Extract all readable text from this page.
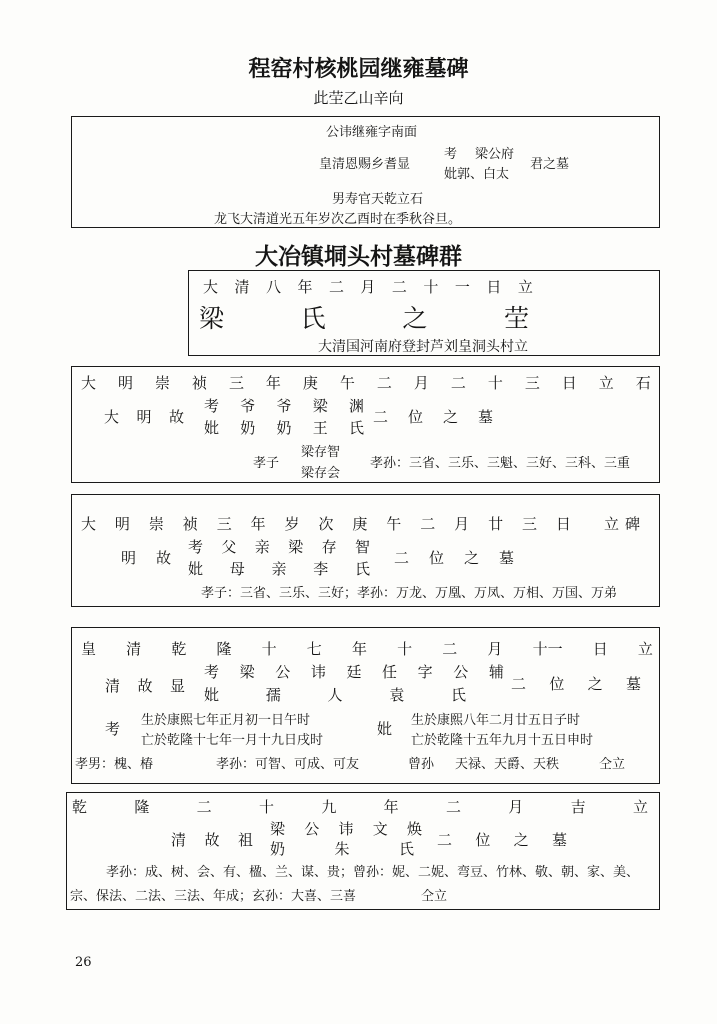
程窑村核桃园继雍墓碑
此茔乙山辛向
公讳继雍字南面
皇清恩赐乡耆显
考 梁公府
妣郭、白太
君之墓
男寿官天乾立石
龙飞大清道光五年岁次乙酉时在季秋谷旦。
大冶镇垌头村墓碑群
大 清 八 年 二 月 二 十 一 日 立
梁	氏	之	茔
大清国河南府登封芦刘皇洞头村立
大 明 崇 祯 三 年 庚 午 二 月 二 十 三 日 立 石
大 明 故
考 爷 爷 梁 渊
妣 奶 奶 王 氏
二 位 之 墓
孝子
梁存智
梁存会
孝孙：三省、三乐、三魁、三好、三科、三重
大 明 崇 祯 三 年 岁 次 庚 午 二 月 廿 三 日 立碑
明 故
考 父 亲 梁 存 智
妣 母 亲 李 氏
二 位 之 墓
孝子：三省、三乐、三好；孝孙：万龙、万凰、万凤、万相、万国、万弟
皇 清 乾 隆 十 七 年 十 二 月 十一 日 立
清 故 显
考 梁 公 讳 廷 任 字 公 辅
妣	孺	人	袁	氏
二 位 之 墓
考 生於康熙七年正月初一日午时
亡於乾隆十七年一月十九日戌时
妣 生於康熙八年二月廿五日子时
亡於乾隆十五年九月十五日申时
孝男：槐、椿	孝孙：可智、可成、可友	曾孙 天禄、天爵、天秩	仝立
乾	隆	二	十	九	年	二	月	吉	立
清 故 祖
梁 公 讳 文 焕
奶	朱	氏 二 位 之 墓
孝孙：成、树、会、有、楹、兰、谋、贵；曾孙：妮、二妮、弯豆、竹林、敬、朝、家、美、
宗、保法、二法、三法、年成；玄孙：大喜、三喜	仝立
26
